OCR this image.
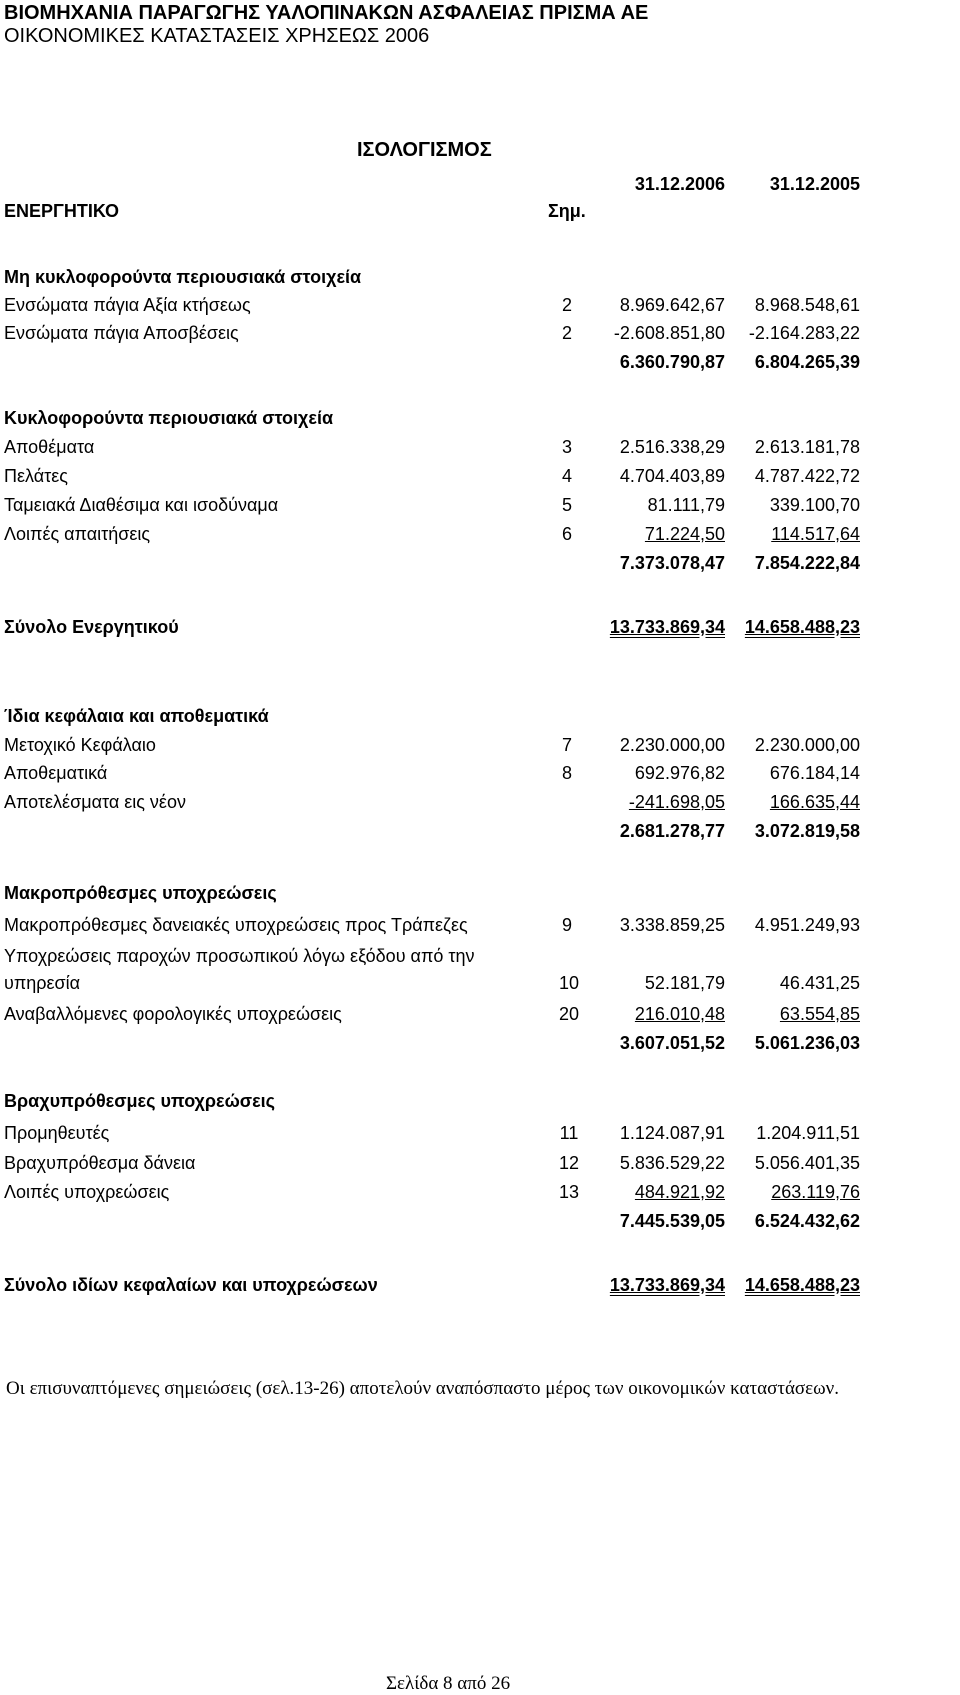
ΒΙΟΜΗΧΑΝΙΑ ΠΑΡΑΓΩΓΗΣ ΥΑΛΟΠΙΝΑΚΩΝ ΑΣΦΑΛΕΙΑΣ ΠΡΙΣΜΑ ΑΕ
ΟΙΚΟΝΟΜΙΚΕΣ ΚΑΤΑΣΤΑΣΕΙΣ ΧΡΗΣΕΩΣ 2006
ΙΣΟΛΟΓΙΣΜΟΣ
31.12.2006 31.12.2005
ΕΝΕΡΓΗΤΙΚΟ	Σημ.
Μη κυκλοφορούντα περιουσιακά στοιχεία
Ενσώματα πάγια Αξία κτήσεως	2	8.969.642,67 8.968.548,61
Ενσώματα πάγια Αποσβέσεις	2	-2.608.851,80 -2.164.283,22
6.360.790,87 6.804.265,39
Κυκλοφορούντα περιουσιακά στοιχεία
Αποθέματα	3	2.516.338,29 2.613.181,78
Πελάτες	4	4.704.403,89 4.787.422,72
Ταμειακά Διαθέσιμα και ισοδύναμα	5	81.111,79 339.100,70
Λοιπές απαιτήσεις	6	71.224,50	114.517,64
7.373.078,47 7.854.222,84
Σύνολο Ενεργητικού	13.733.869,34 14.658.488,23
Ίδια κεφάλαια και αποθεματικά
Μετοχικό Κεφάλαιο	7	2.230.000,00 2.230.000,00
Αποθεματικά	8	692.976,82 676.184,14
Αποτελέσματα εις νέον	-241.698,05 166.635,44
2.681.278,77 3.072.819,58
Μακροπρόθεσμες υποχρεώσεις
Μακροπρόθεσμες δανειακές υποχρεώσεις προς Τράπεζες	9	3.338.859,25 4.951.249,93
Υποχρεώσεις παροχών προσωπικού λόγω εξόδου από την
υπηρεσία	10	52.181,79	46.431,25
Αναβαλλόμενες φορολογικές υποχρεώσεις	20	216.010,48	63.554,85
3.607.051,52 5.061.236,03
Βραχυπρόθεσμες υποχρεώσεις
Προμηθευτές	11	1.124.087,91 1.204.911,51
Βραχυπρόθεσμα δάνεια	12	5.836.529,22 5.056.401,35
Λοιπές υποχρεώσεις	13	484.921,92	263.119,76
7.445.539,05 6.524.432,62
Σύνολο ιδίων κεφαλαίων και υποχρεώσεων	13.733.869,34 14.658.488,23
Οι επισυναπτόμενες σημειώσεις (σελ.13-26) αποτελούν αναπόσπαστο μέρος των οικονομικών καταστάσεων.
Σελίδα 8 από 26
